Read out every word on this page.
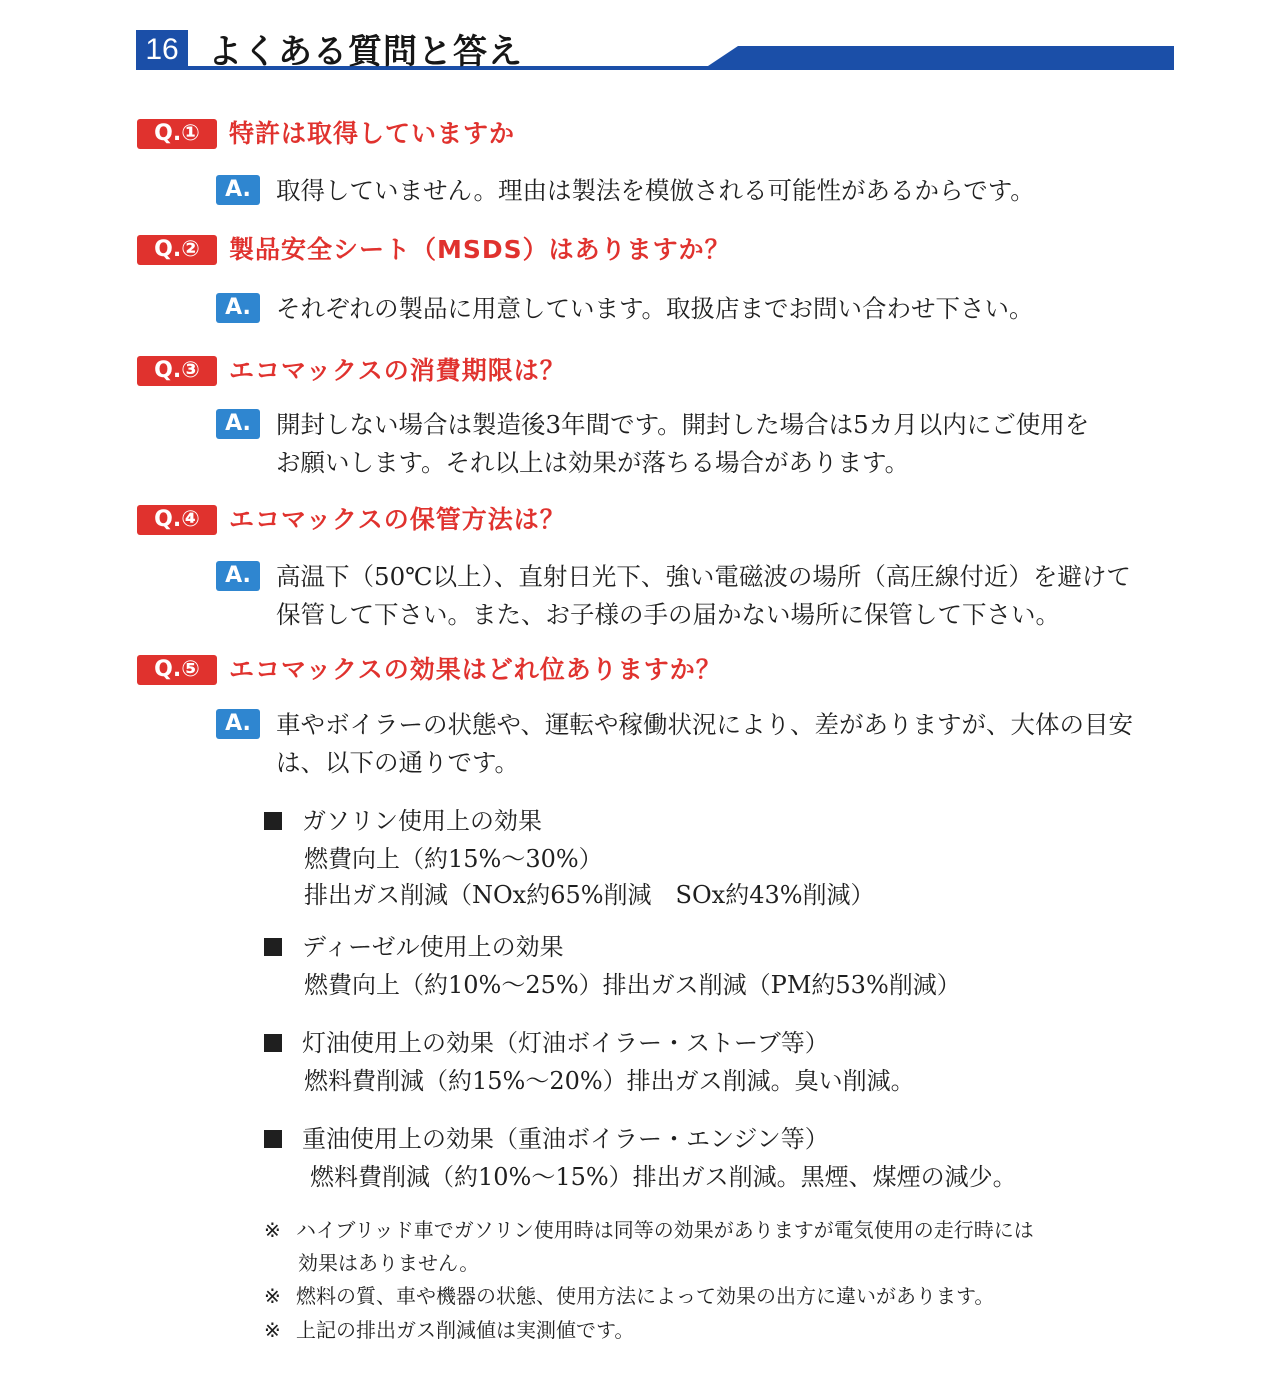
16 よくある質問と答え
Q.①	特許は取得していますか
A.	取得していません。理由は製法を模倣される可能性があるからです。
Q.②	製品安全シート（MSDS）はありますか？
A.	それぞれの製品に用意しています。取扱店までお問い合わせ下さい。
Q.③	エコマックスの消費期限は？
A.	開封しない場合は製造後3年間です。開封した場合は5カ月以内にご使用を
お願いします。それ以上は効果が落ちる場合があります。
Q.④	エコマックスの保管方法は？
A.	高温下（50℃以上）、直射日光下、強い電磁波の場所（高圧線付近）を避けて
保管して下さい。また、お子様の手の届かない場所に保管して下さい。
Q.⑤	エコマックスの効果はどれ位ありますか？
A.	車やボイラーの状態や、運転や稼働状況により、差がありますが、大体の目安
は、以下の通りです。
ガソリン使用上の効果
燃費向上（約15%～30%）
排出ガス削減（NOx約65%削減　SOx約43%削減）
ディーゼル使用上の効果
燃費向上（約10%～25%）排出ガス削減（PM約53%削減）
灯油使用上の効果（灯油ボイラー・ストーブ等）
燃料費削減（約15%～20%）排出ガス削減。臭い削減。
重油使用上の効果（重油ボイラー・エンジン等）
燃料費削減（約10%～15%）排出ガス削減。黒煙、煤煙の減少。
※ ハイブリッド車でガソリン使用時は同等の効果がありますが電気使用の走行時には
効果はありません。
※ 燃料の質、車や機器の状態、使用方法によって効果の出方に違いがあります。
※ 上記の排出ガス削減値は実測値です。
